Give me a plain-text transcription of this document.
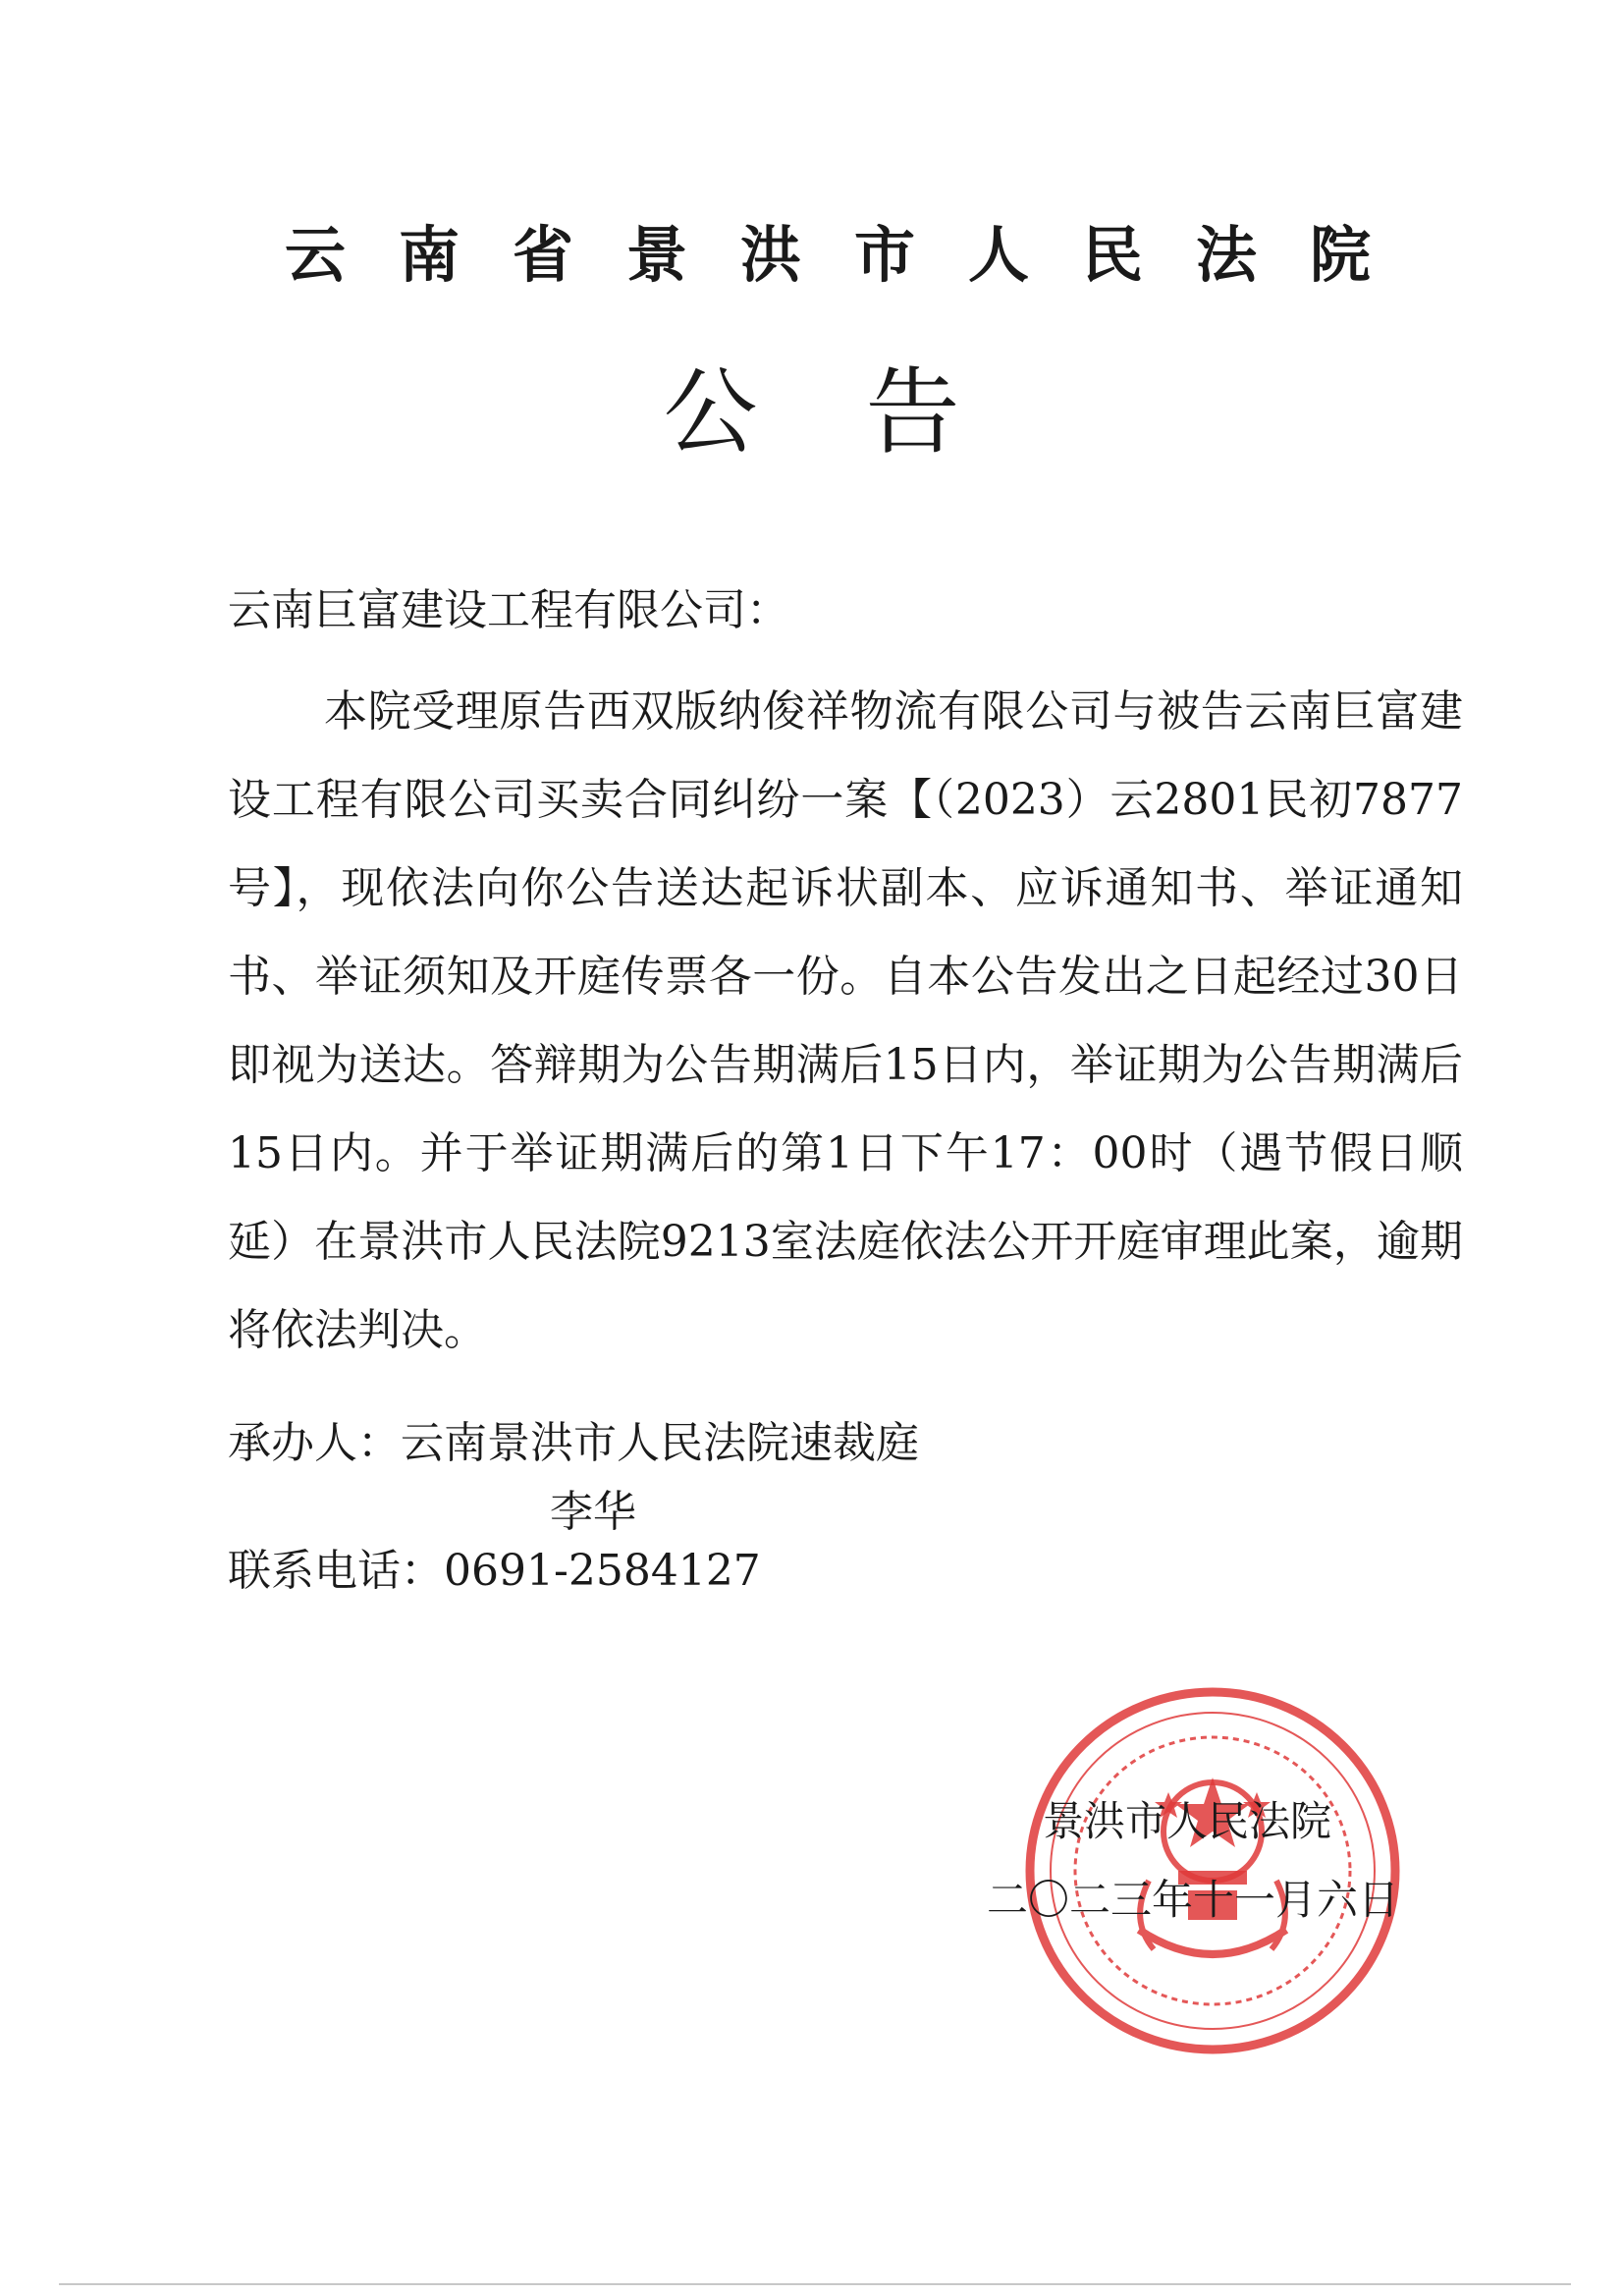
云南省景洪市人民法院
公告
云南巨富建设工程有限公司：

本院受理原告西双版纳俊祥物流有限公司与被告云南巨富建设工程有限公司买卖合同纠纷一案【（2023）云2801民初7877号】，现依法向你公告送达起诉状副本、应诉通知书、举证通知书、举证须知及开庭传票各一份。自本公告发出之日起经过30日即视为送达。答辩期为公告期满后15日内，举证期为公告期满后15日内。并于举证期满后的第1日下午17：00时（遇节假日顺延）在景洪市人民法院9213室法庭依法公开开庭审理此案，逾期将依法判决。

承办人：云南景洪市人民法院速裁庭
李华
联系电话：0691-2584127
景洪市人民法院
二〇二三年十一月六日
